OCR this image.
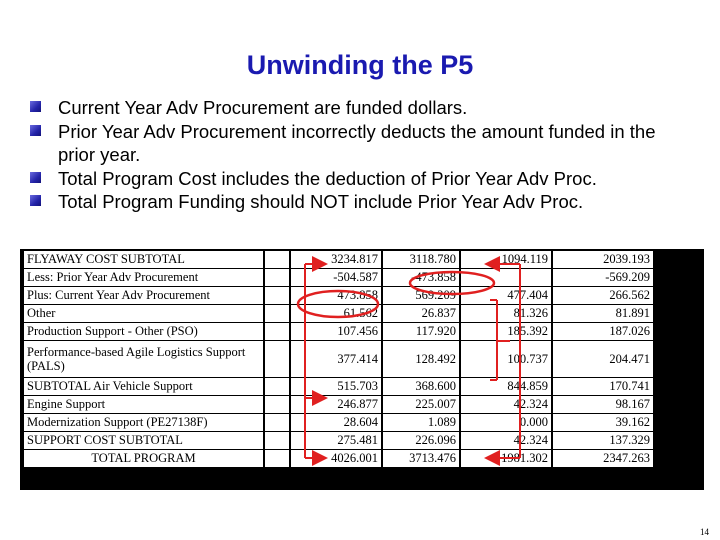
Unwinding the P5
Current Year Adv Procurement are funded dollars.
Prior Year Adv Procurement incorrectly deducts the amount funded in the prior year.
Total Program Cost includes the deduction of Prior Year Adv Proc.
Total Program Funding should NOT include Prior Year Adv Proc.
FLYAWAY COST SUBTOTAL		3234.817	3118.780	1094.119	2039.193
Less: Prior Year Adv Procurement		-504.587	-473.858		-569.209
Plus: Current Year Adv Procurement		473.858	569.209	477.404	266.562
Other		61.562	26.837	81.326	81.891
Production Support - Other (PSO)		107.456	117.920	185.392	187.026
Performance-based Agile Logistics Support (PALS)		377.414	128.492	100.737	204.471
SUBTOTAL Air Vehicle Support		515.703	368.600	844.859	170.741
Engine Support		246.877	225.007	42.324	98.167
Modernization Support (PE27138F)		28.604	1.089	0.000	39.162
SUPPORT COST SUBTOTAL		275.481	226.096	42.324	137.329
TOTAL PROGRAM		4026.001	3713.476	1981.302	2347.263
14
